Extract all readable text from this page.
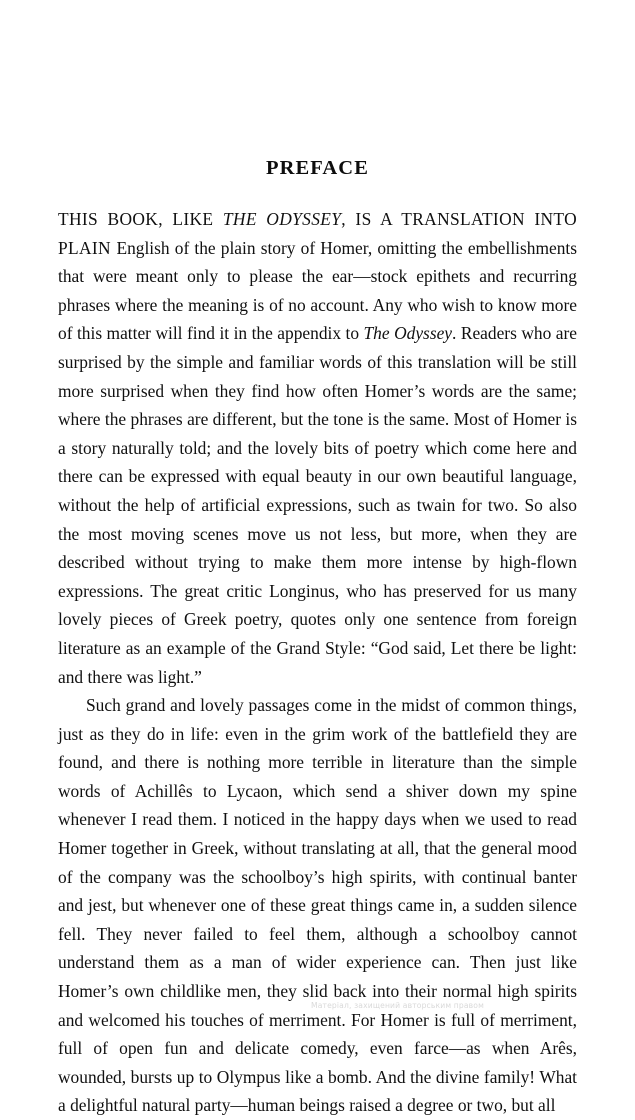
PREFACE

THIS BOOK, LIKE THE ODYSSEY, IS A TRANSLATION INTO PLAIN English of the plain story of Homer, omitting the embellishments that were meant only to please the ear—stock epithets and recurring phrases where the meaning is of no account. Any who wish to know more of this matter will find it in the appendix to The Odyssey. Readers who are surprised by the simple and familiar words of this translation will be still more surprised when they find how often Homer’s words are the same; where the phrases are different, but the tone is the same. Most of Homer is a story naturally told; and the lovely bits of poetry which come here and there can be expressed with equal beauty in our own beautiful language, without the help of artificial expressions, such as twain for two. So also the most moving scenes move us not less, but more, when they are described without trying to make them more intense by high-flown expressions. The great critic Longinus, who has preserved for us many lovely pieces of Greek poetry, quotes only one sentence from foreign literature as an example of the Grand Style: “God said, Let there be light: and there was light.”

Such grand and lovely passages come in the midst of common things, just as they do in life: even in the grim work of the battlefield they are found, and there is nothing more terrible in literature than the simple words of Achillês to Lycaon, which send a shiver down my spine whenever I read them. I noticed in the happy days when we used to read Homer together in Greek, without translating at all, that the general mood of the company was the schoolboy’s high spirits, with continual banter and jest, but whenever one of these great things came in, a sudden silence fell. They never failed to feel them, although a schoolboy cannot understand them as a man of wider experience can. Then just like Homer’s own childlike men, they slid back into their normal high spirits and welcomed his touches of merriment. For Homer is full of merriment, full of open fun and delicate comedy, even farce—as when Arês, wounded, bursts up to Olympus like a bomb. And the divine family! What a delightful natural party—human beings raised a degree or two, but all

Матеріал, захищений авторським правом
